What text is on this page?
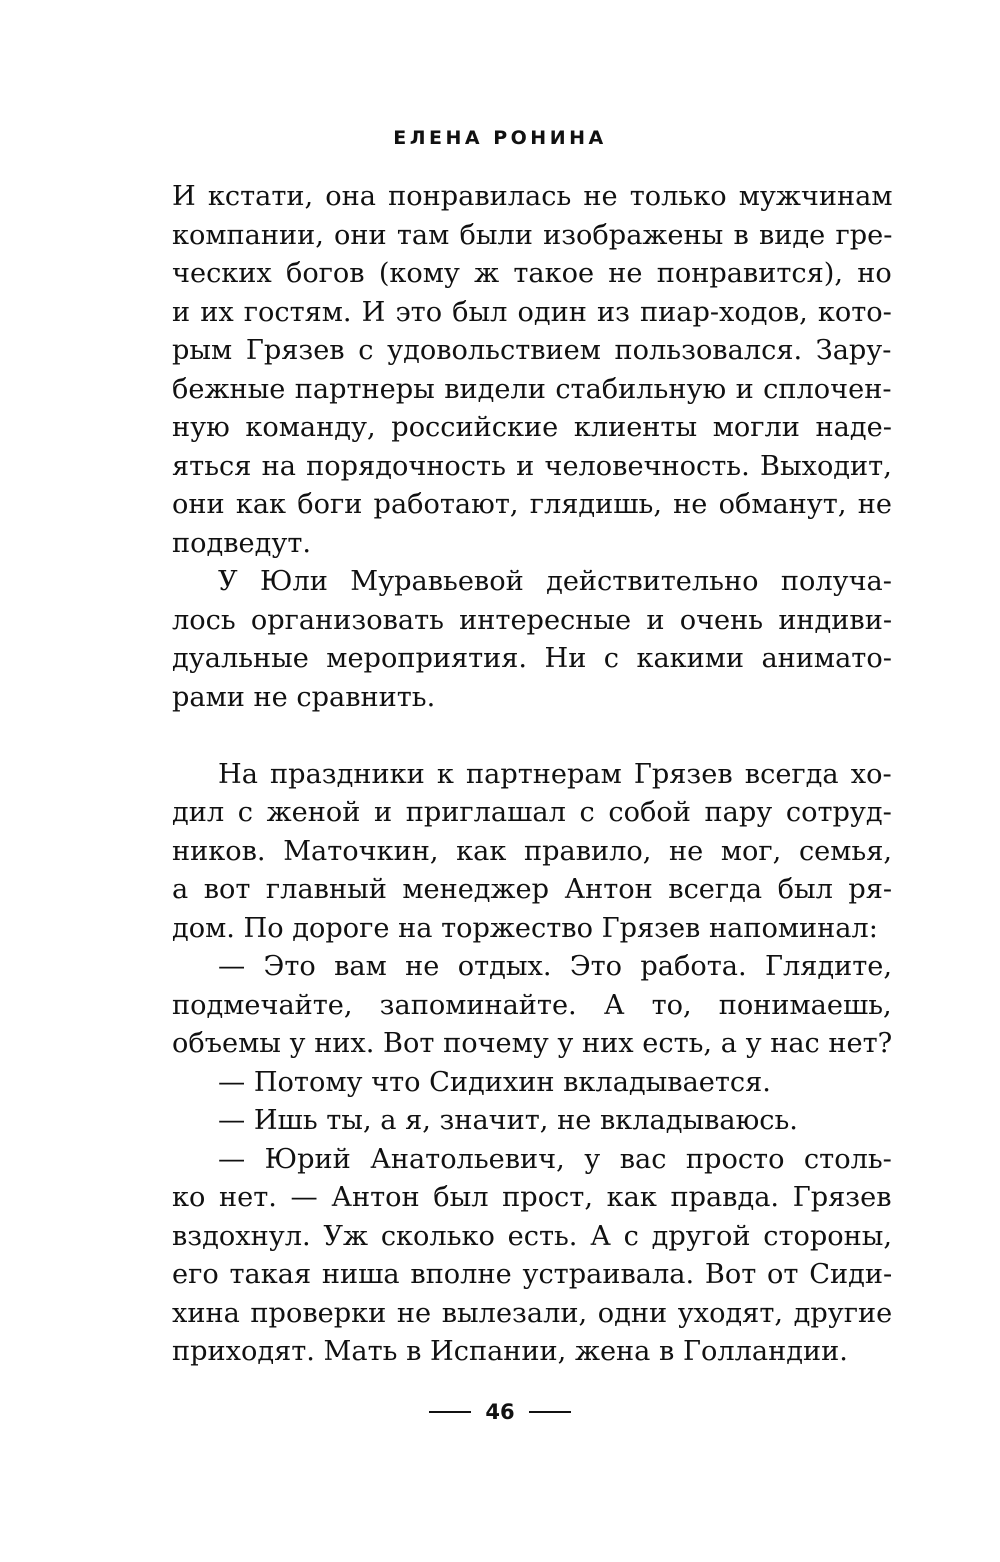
ЕЛЕНА РОНИНА
И кстати, она понравилась не только мужчинам
компании, они там были изображены в виде гре-
ческих богов (кому ж такое не понравится), но
и их гостям. И это был один из пиар-ходов, кото-
рым Грязев с удовольствием пользовался. Зару-
бежные партнеры видели стабильную и сплочен-
ную команду, российские клиенты могли наде-
яться на порядочность и человечность. Выходит,
они как боги работают, глядишь, не обманут, не
подведут.
У Юли Муравьевой действительно получа-
лось организовать интересные и очень индиви-
дуальные мероприятия. Ни с какими анимато-
рами не сравнить.
На праздники к партнерам Грязев всегда хо-
дил с женой и приглашал с собой пару сотруд-
ников. Маточкин, как правило, не мог, семья,
а вот главный менеджер Антон всегда был ря-
дом. По дороге на торжество Грязев напоминал:
— Это вам не отдых. Это работа. Глядите,
подмечайте, запоминайте. А то, понимаешь,
объемы у них. Вот почему у них есть, а у нас нет?
— Потому что Сидихин вкладывается.
— Ишь ты, а я, значит, не вкладываюсь.
— Юрий Анатольевич, у вас просто столь-
ко нет. — Антон был прост, как правда. Грязев
вздохнул. Уж сколько есть. А с другой стороны,
его такая ниша вполне устраивала. Вот от Сиди-
хина проверки не вылезали, одни уходят, другие
приходят. Мать в Испании, жена в Голландии.
46
